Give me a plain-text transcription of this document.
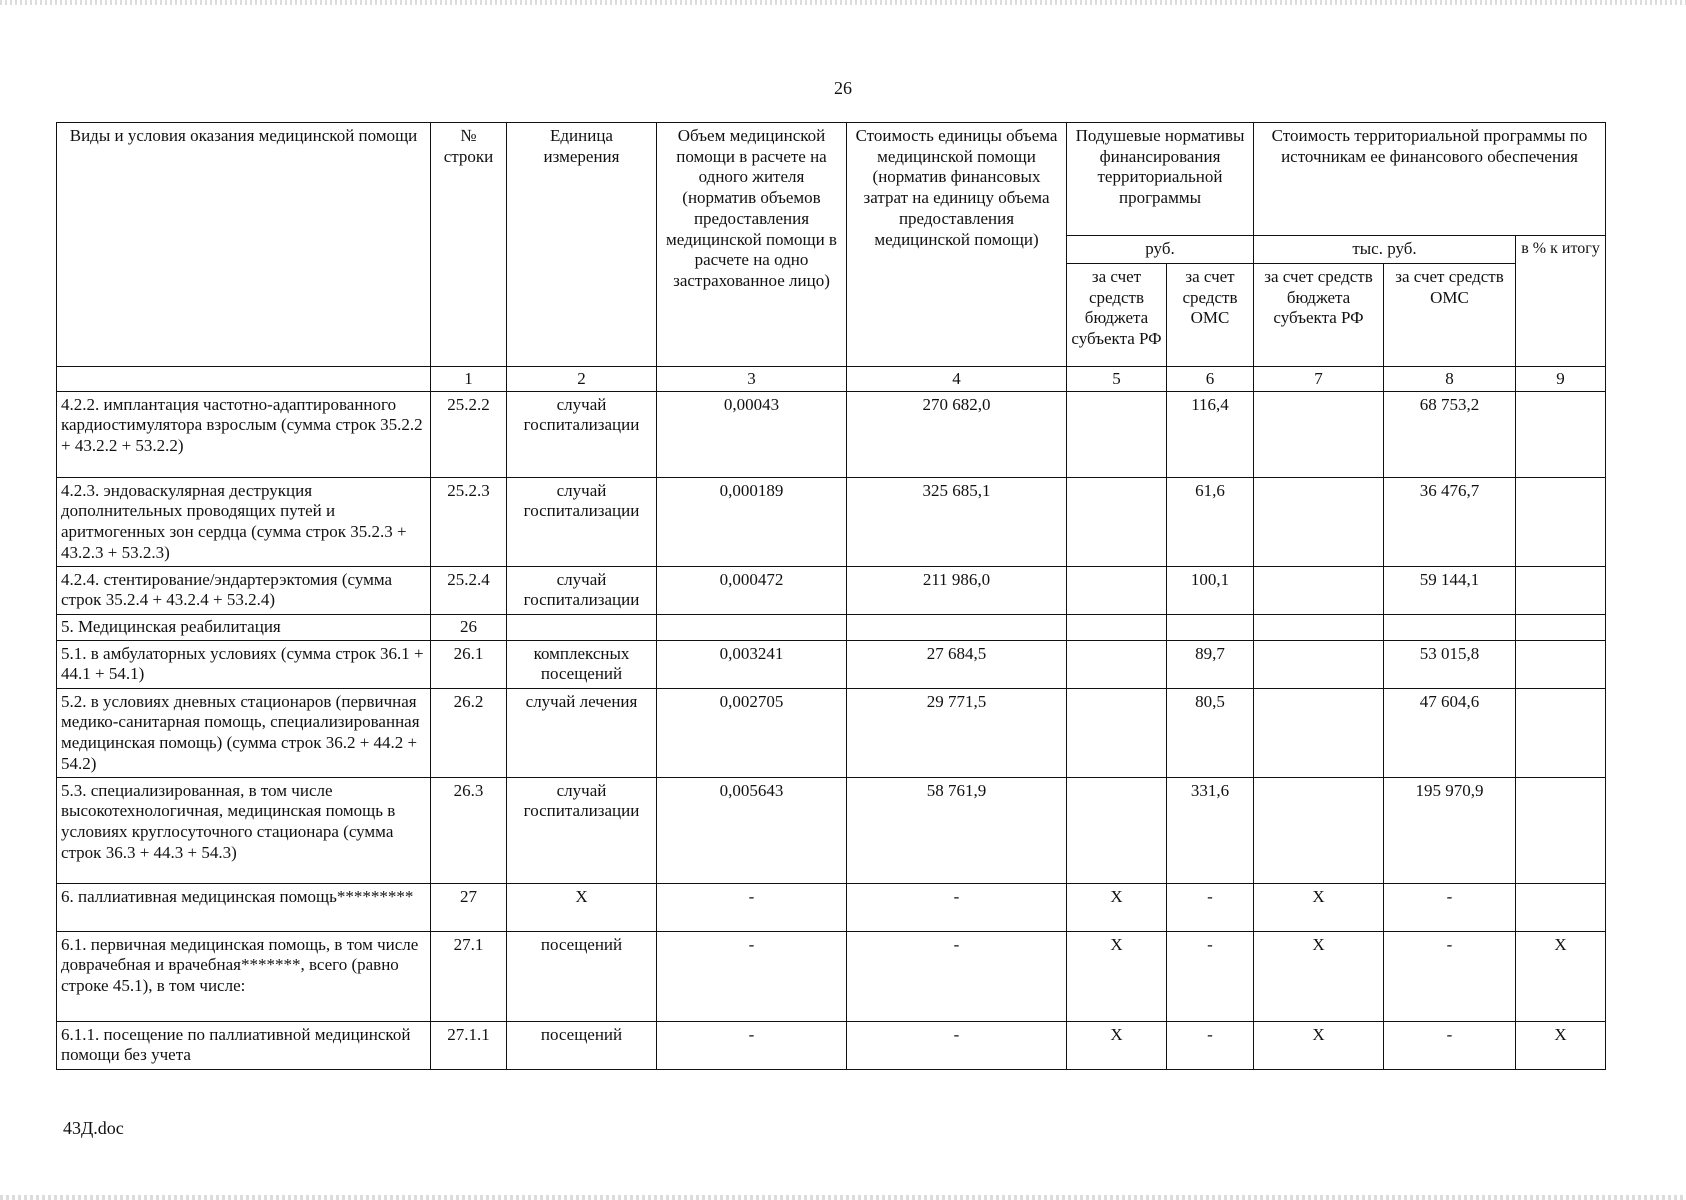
26
Виды и условия оказания медицинской помощи	№ строки	Единица измерения	Объем медицинской помощи в расчете на одного жителя (норматив объемов предоставления медицинской помощи в расчете на одно застрахованное лицо)	Стоимость единицы объема медицинской помощи (норматив финансовых затрат на единицу объема предоставления медицинской помощи)	Подушевые нормативы финансирования территориальной программы		Стоимость территориальной программы по источникам ее финансового обеспечения		
					руб.		тыс. руб.		в % к итогу
					за счет средств бюджета субъекта РФ	за счет средств ОМС	за счет средств бюджета субъекта РФ	за счет средств ОМС	
	1	2	3	4	5	6	7	8	9
4.2.2. имплантация частотно-адаптированного кардиостимулятора взрослым (сумма строк 35.2.2 + 43.2.2 + 53.2.2)	25.2.2	случай госпитализации	0,00043	270 682,0		116,4		68 753,2	
4.2.3. эндоваскулярная деструкция дополнительных проводящих путей и аритмогенных зон сердца (сумма строк 35.2.3 + 43.2.3 + 53.2.3)	25.2.3	случай госпитализации	0,000189	325 685,1		61,6		36 476,7	
4.2.4. стентирование/эндартерэктомия (сумма строк 35.2.4 + 43.2.4 + 53.2.4)	25.2.4	случай госпитализации	0,000472	211 986,0		100,1		59 144,1	
5. Медицинская реабилитация	26								
5.1. в амбулаторных условиях (сумма строк 36.1 + 44.1 + 54.1)	26.1	комплексных посещений	0,003241	27 684,5		89,7		53 015,8	
5.2. в условиях дневных стационаров (первичная медико-санитарная помощь, специализированная медицинская помощь) (сумма строк 36.2 + 44.2 + 54.2)	26.2	случай лечения	0,002705	29 771,5		80,5		47 604,6	
5.3. специализированная, в том числе высокотехнологичная, медицинская помощь в условиях круглосуточного стационара (сумма строк 36.3 + 44.3 + 54.3)	26.3	случай госпитализации	0,005643	58 761,9		331,6		195 970,9	
6. паллиативная медицинская помощь*********	27	X	-	-	X	-	X	-	
6.1. первичная медицинская помощь, в том числе доврачебная и врачебная*******, всего (равно строке 45.1), в том числе:	27.1	посещений	-	-	X	-	X	-	X
6.1.1. посещение по паллиативной медицинской помощи без учета	27.1.1	посещений	-	-	X	-	X	-	X
43Д.doc
